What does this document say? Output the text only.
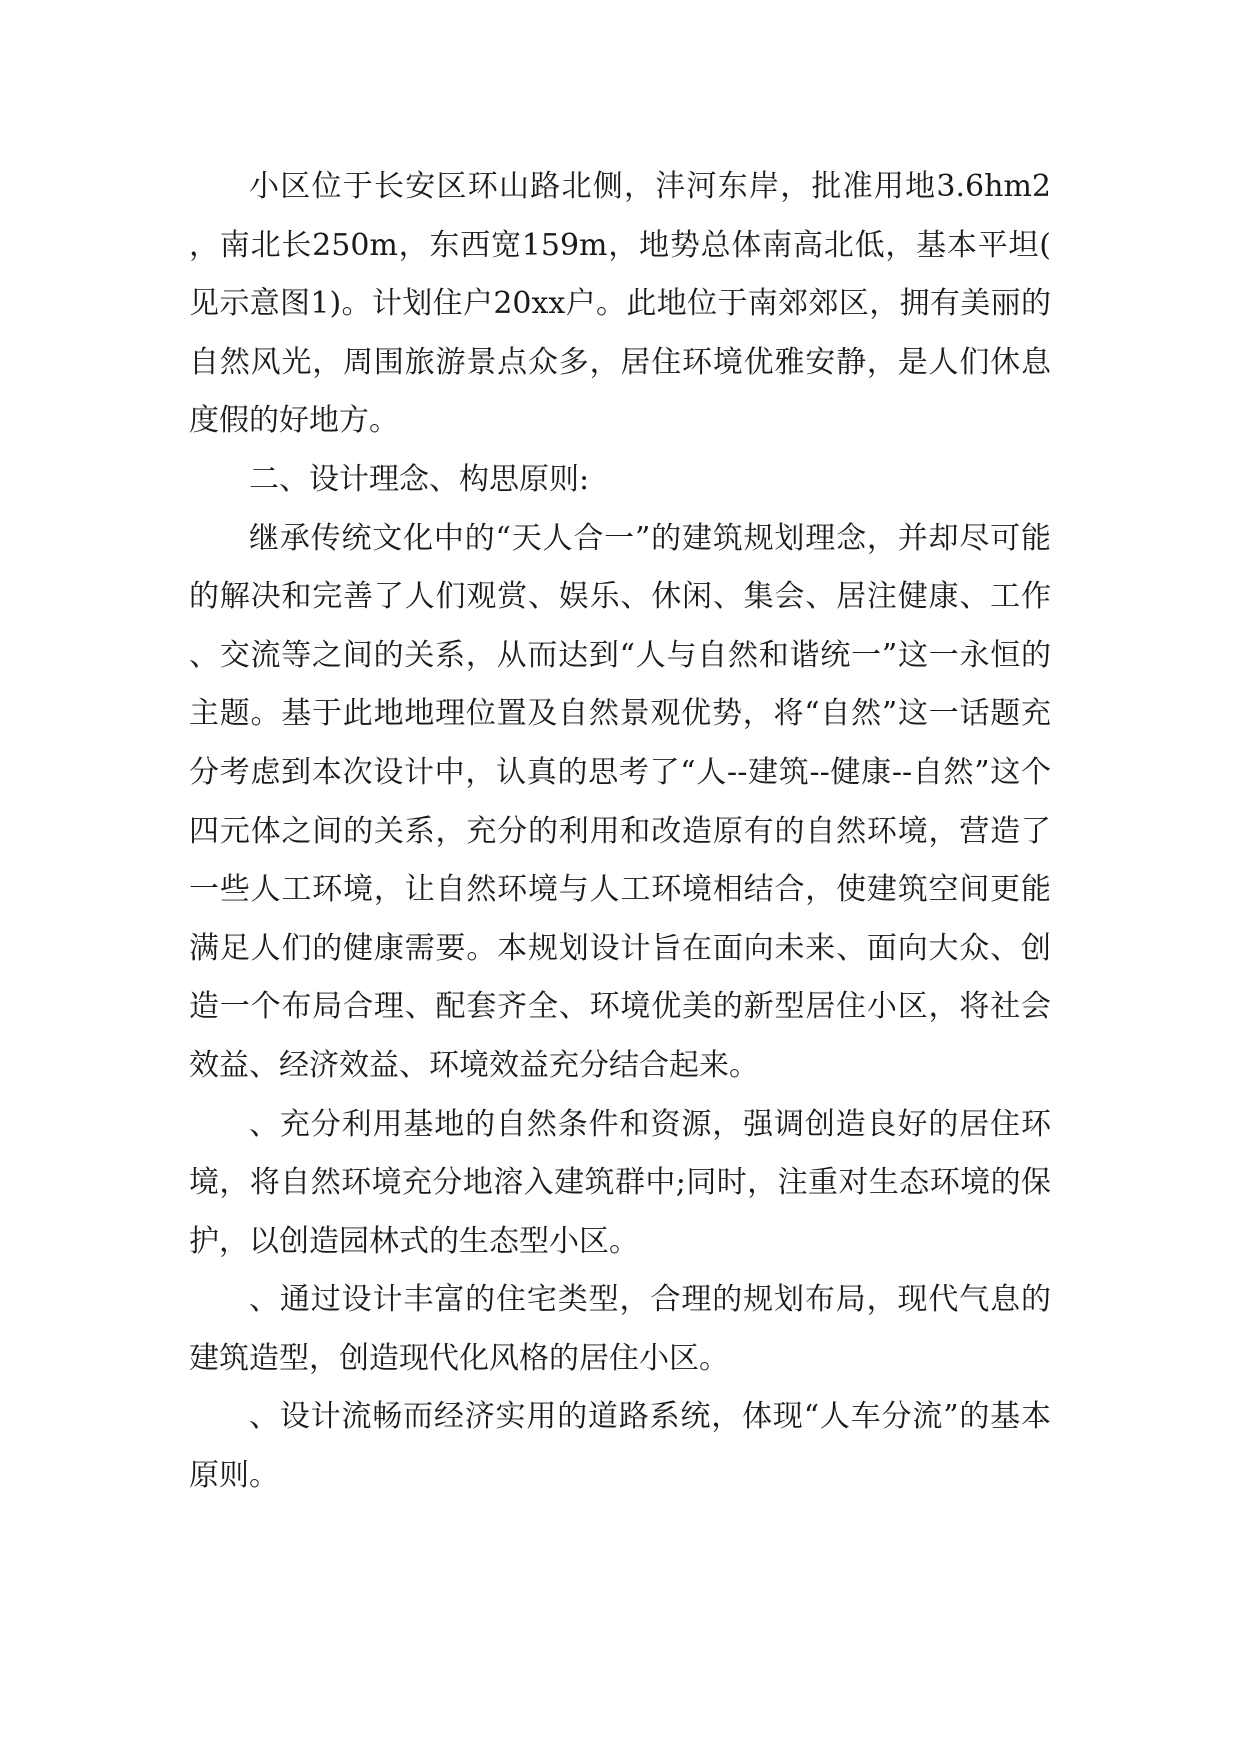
小区位于长安区环山路北侧，沣河东岸，批准用地3.6hm2，南北长250m，东西宽159m，地势总体南高北低，基本平坦(见示意图1)。计划住户20xx户。此地位于南郊郊区，拥有美丽的自然风光，周围旅游景点众多，居住环境优雅安静，是人们休息度假的好地方。

二、设计理念、构思原则:

继承传统文化中的“天人合一”的建筑规划理念，并却尽可能的解决和完善了人们观赏、娱乐、休闲、集会、居注健康、工作、交流等之间的关系，从而达到“人与自然和谐统一”这一永恒的主题。基于此地地理位置及自然景观优势，将“自然”这一话题充分考虑到本次设计中，认真的思考了“人--建筑--健康--自然”这个四元体之间的关系，充分的利用和改造原有的自然环境，营造了一些人工环境，让自然环境与人工环境相结合，使建筑空间更能满足人们的健康需要。本规划设计旨在面向未来、面向大众、创造一个布局合理、配套齐全、环境优美的新型居住小区，将社会效益、经济效益、环境效益充分结合起来。

、充分利用基地的自然条件和资源，强调创造良好的居住环境，将自然环境充分地溶入建筑群中;同时，注重对生态环境的保护，以创造园林式的生态型小区。

、通过设计丰富的住宅类型，合理的规划布局，现代气息的建筑造型，创造现代化风格的居住小区。

、设计流畅而经济实用的道路系统，体现“人车分流”的基本原则。
